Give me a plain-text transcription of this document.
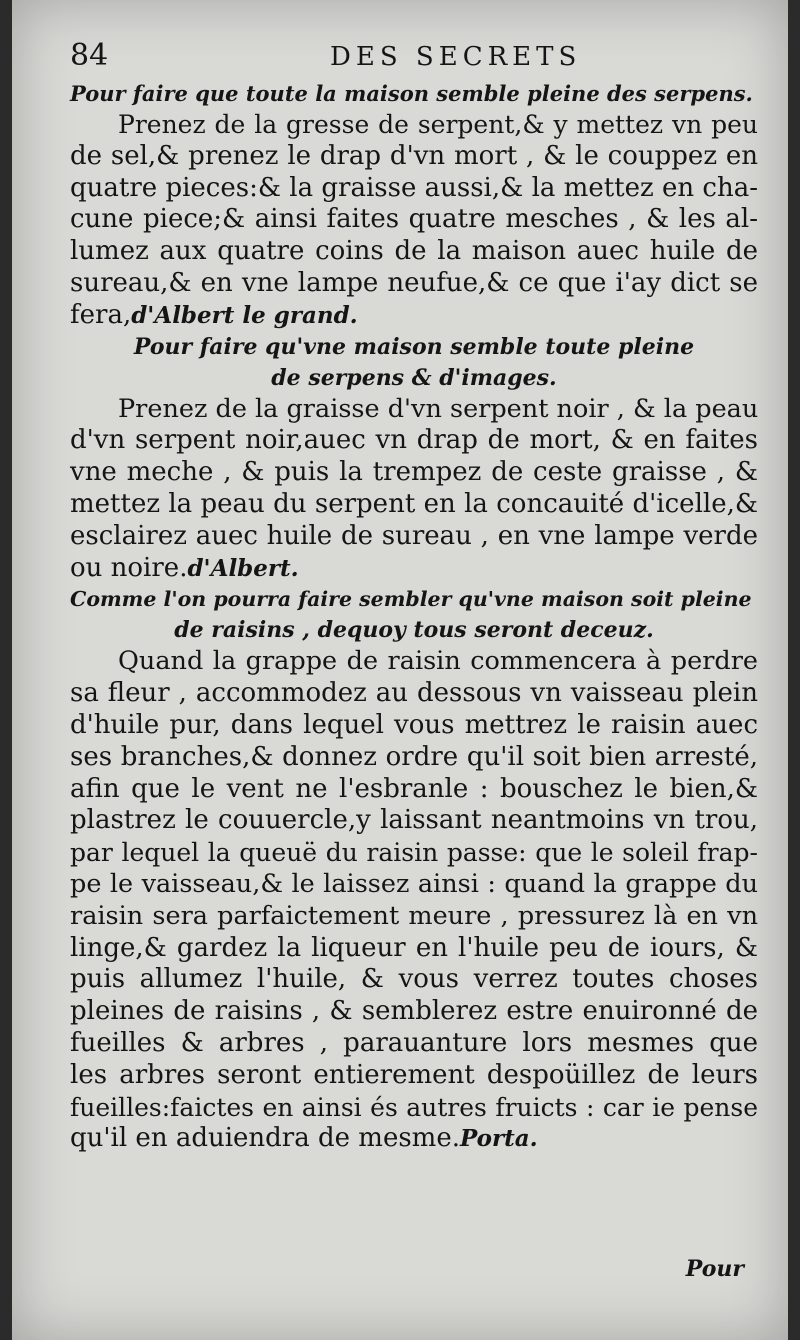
84	DES SECRETS
Pour faire que toute la maison semble pleine des serpens.
Prenez de la gresse de serpent,& y mettez vn peu
de sel,& prenez le drap d'vn mort , & le couppez en
quatre pieces:& la graisse aussi,& la mettez en cha-
cune piece;& ainsi faites quatre mesches , & les al-
lumez aux quatre coins de la maison auec huile de
sureau,& en vne lampe neufue,& ce que i'ay dict se
fera,d'Albert le grand.
Pour faire qu'vne maison semble toute pleine
de serpens & d'images.
Prenez de la graisse d'vn serpent noir , & la peau
d'vn serpent noir,auec vn drap de mort, & en faites
vne meche , & puis la trempez de ceste graisse , &
mettez la peau du serpent en la concauité d'icelle,&
esclairez auec huile de sureau , en vne lampe verde
ou noire.d'Albert.
Comme l'on pourra faire sembler qu'vne maison soit pleine
de raisins , dequoy tous seront deceuz.
Quand la grappe de raisin commencera à perdre
sa fleur , accommodez au dessous vn vaisseau plein
d'huile pur, dans lequel vous mettrez le raisin auec
ses branches,& donnez ordre qu'il soit bien arresté,
afin que le vent ne l'esbranle : bouschez le bien,&
plastrez le couuercle,y laissant neantmoins vn trou,
par lequel la queuë du raisin passe: que le soleil frap-
pe le vaisseau,& le laissez ainsi : quand la grappe du
raisin sera parfaictement meure , pressurez là en vn
linge,& gardez la liqueur en l'huile peu de iours, &
puis allumez l'huile, & vous verrez toutes choses
pleines de raisins , & semblerez estre enuironné de
fueilles & arbres , parauanture lors mesmes que
les arbres seront entierement despoüillez de leurs
fueilles:faictes en ainsi és autres fruicts : car ie pense
qu'il en aduiendra de mesme.Porta.
Pour
